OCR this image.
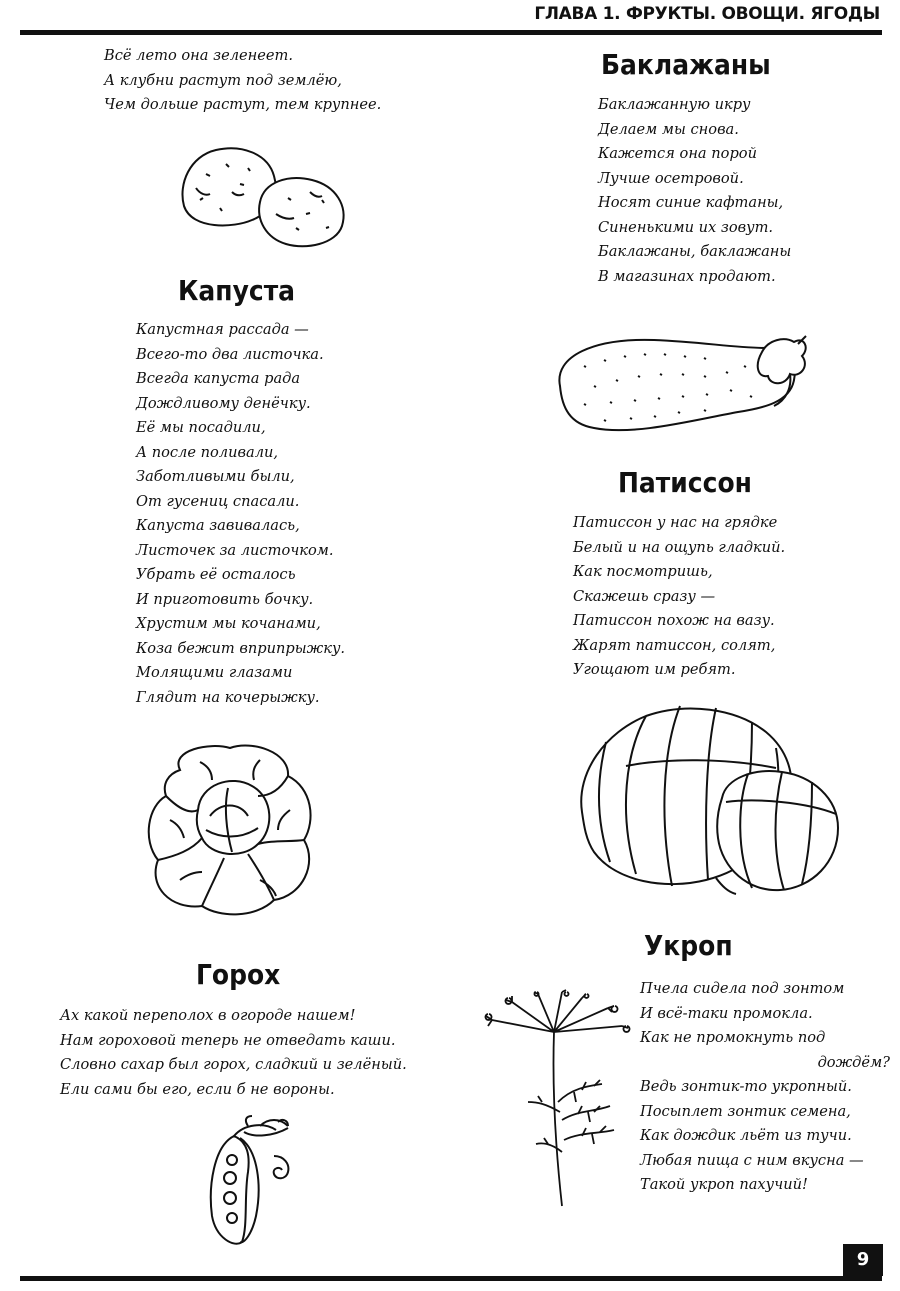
ГЛАВА 1. ФРУКТЫ. ОВОЩИ. ЯГОДЫ
Всё лето она зеленеет.
А клубни растут под землёю,
Чем дольше растут, тем крупнее.
Капуста
Капустная рассада —
Всего-то два листочка.
Всегда капуста рада
Дождливому денёчку.
Её мы посадили,
А после поливали,
Заботливыми были,
От гусениц спасали.
Капуста завивалась,
Листочек за листочком.
Убрать её осталось
И приготовить бочку.
Хрустим мы кочанами,
Коза бежит вприпрыжку.
Молящими глазами
Глядит на кочерыжку.
Баклажаны
Баклажанную икру
Делаем мы снова.
Кажется она порой
Лучше осетровой.
Носят синие кафтаны,
Синенькими их зовут.
Баклажаны, баклажаны
В магазинах продают.
Патиссон
Патиссон у нас на грядке
Белый и на ощупь гладкий.
Как посмотришь,
Скажешь сразу —
Патиссон похож на вазу.
Жарят патиссон, солят,
Угощают им ребят.
Горох
Ах какой переполох в огороде нашем!
Нам гороховой теперь не отведать каши.
Словно сахар был горох, сладкий и зелёный.
Ели сами бы его, если б не вороны.
Укроп
Пчела сидела под зонтом
И всё-таки промокла.
Как не промокнуть под
дождём?
Ведь зонтик-то укропный.
Посыплет зонтик семена,
Как дождик льёт из тучи.
Любая пища с ним вкусна —
Такой укроп пахучий!
9
